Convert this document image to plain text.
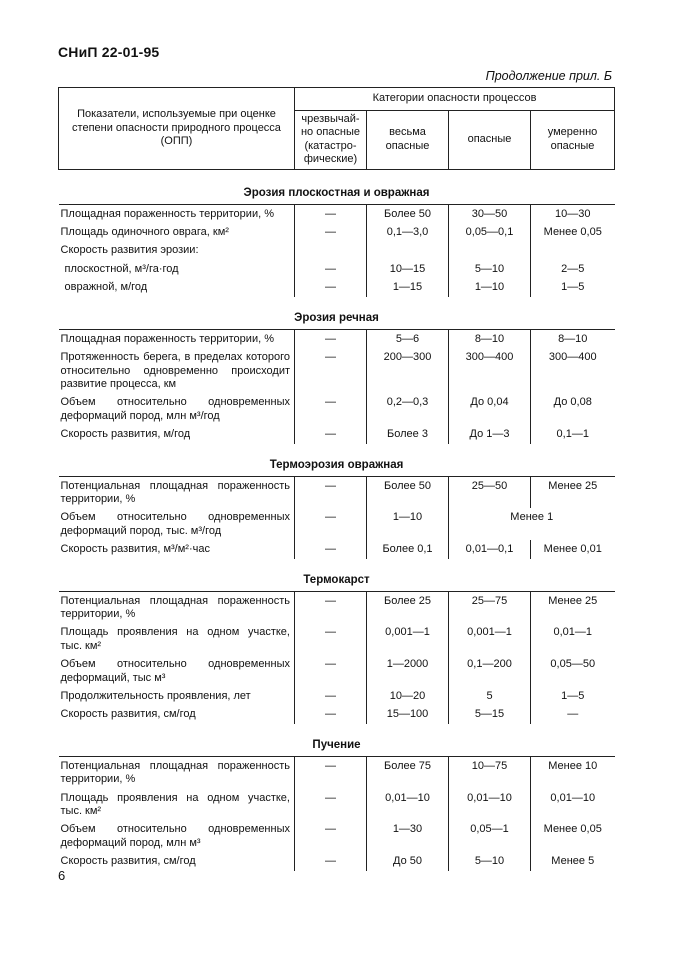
СНиП 22-01-95
Продолжение прил. Б
Показатели, используемые при оценке степени опасности природного процесса (ОПП)	Категории опасности процессов			
	чрезвычай-но опасные (катастро-фические)	весьма опасные	опасные	умеренно опасные
Эрозия плоскостная и овражная				
Площадная пораженность территории, %	—	Более 50	30—50	10—30
Площадь одиночного оврага, км²	—	0,1—3,0	0,05—0,1	Менее 0,05
Скорость развития эрозии:				
плоскостной, м³/га·год	—	10—15	5—10	2—5
овражной, м/год	—	1—15	1—10	1—5
Эрозия речная				
Площадная пораженность территории, %	—	5—6	8—10	8—10
Протяженность берега, в пределах которого относительно одновременно происходит развитие процесса, км	—	200—300	300—400	300—400
Объем относительно одновременных деформаций пород, млн м³/год	—	0,2—0,3	До 0,04	До 0,08
Скорость развития, м/год	—	Более 3	До 1—3	0,1—1
Термоэрозия овражная				
Потенциальная площадная пораженность территории, %	—	Более 50	25—50	Менее 25
Объем относительно одновременных деформаций пород, тыс. м³/год	—	1—10	Менее 1	
Скорость развития, м³/м²·час	—	Более 0,1	0,01—0,1	Менее 0,01
Термокарст				
Потенциальная площадная пораженность территории, %	—	Более 25	25—75	Менее 25
Площадь проявления на одном участке, тыс. км²	—	0,001—1	0,001—1	0,01—1
Объем относительно одновременных деформаций, тыс м³	—	1—2000	0,1—200	0,05—50
Продолжительность проявления, лет	—	10—20	5	1—5
Скорость развития, см/год	—	15—100	5—15	—
Пучение				
Потенциальная площадная пораженность территории, %	—	Более 75	10—75	Менее 10
Площадь проявления на одном участке, тыс. км²	—	0,01—10	0,01—10	0,01—10
Объем относительно одновременных деформаций пород, млн м³	—	1—30	0,05—1	Менее 0,05
Скорость развития, см/год	—	До 50	5—10	Менее 5
6
